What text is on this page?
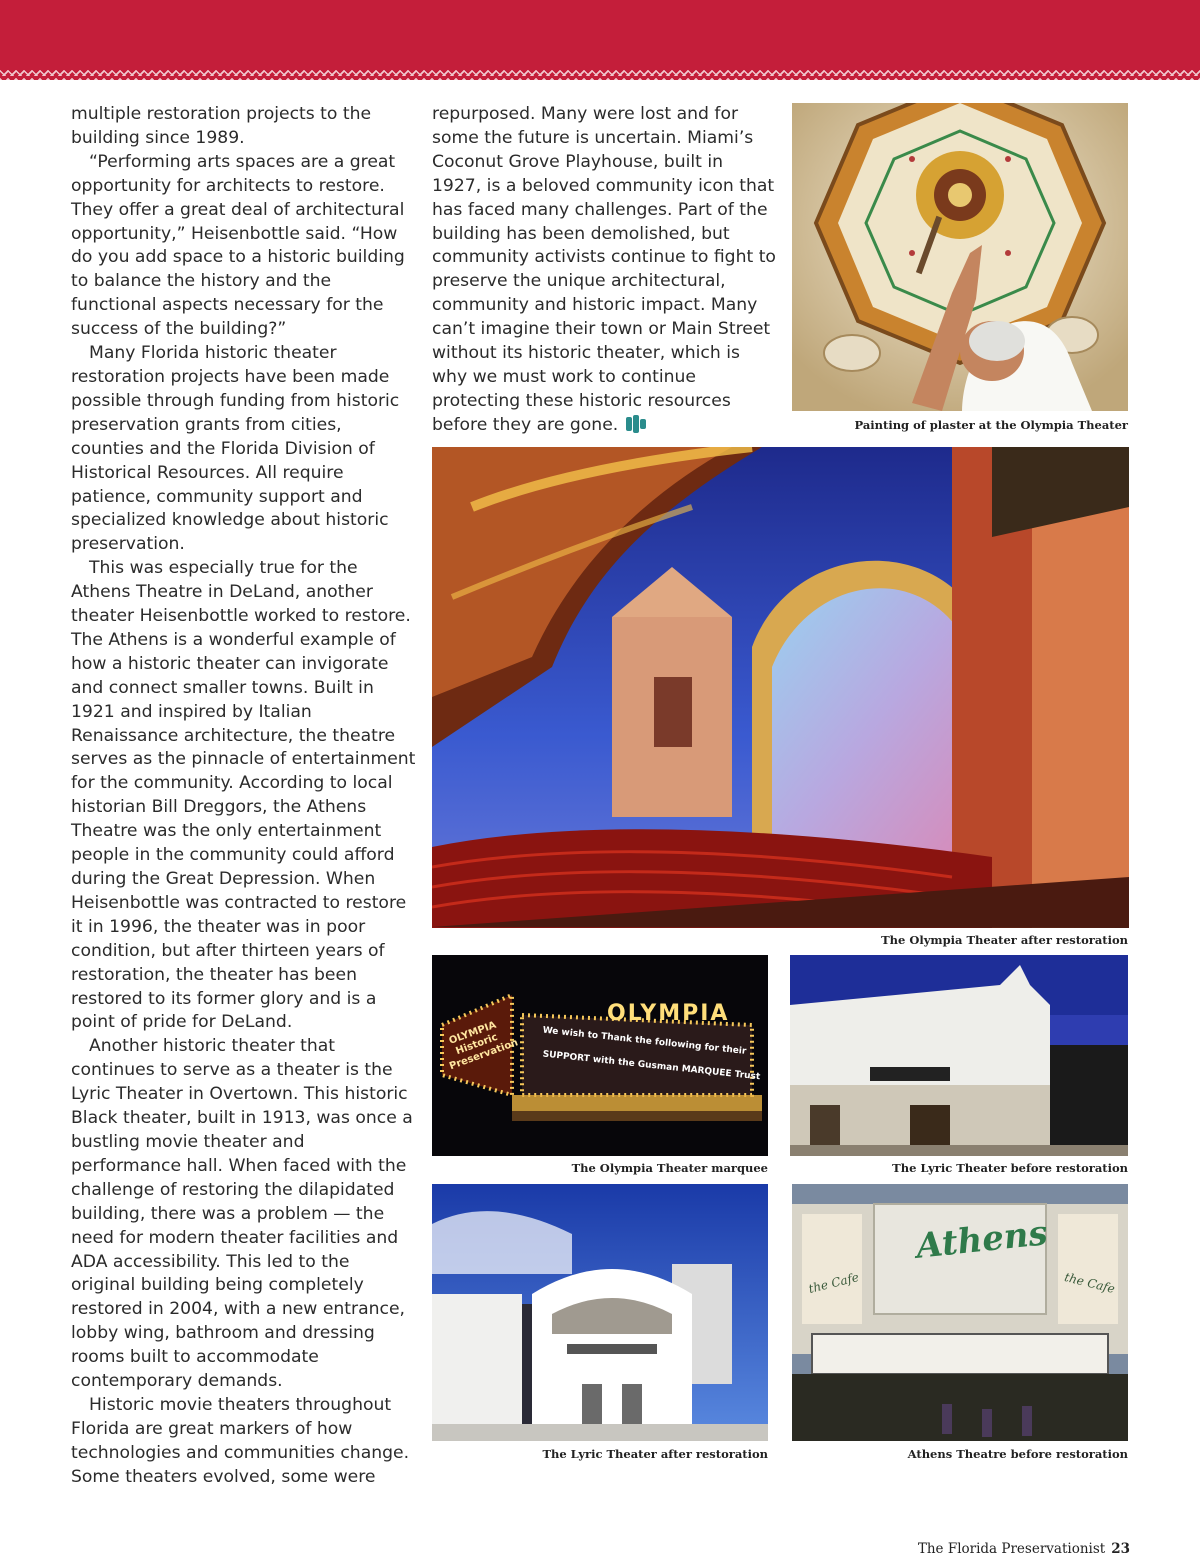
multiple restoration projects to the building since 1989.

“Performing arts spaces are a great opportunity for architects to restore. They offer a great deal of architectural opportunity,” Heisenbottle said. “How do you add space to a historic building to balance the history and the functional aspects necessary for the success of the building?”

Many Florida historic theater restoration projects have been made possible through funding from historic preservation grants from cities, counties and the Florida Division of Historical Resources. All require patience, community support and specialized knowledge about historic preservation.

This was especially true for the Athens Theatre in DeLand, another theater Heisenbottle worked to restore. The Athens is a wonderful example of how a historic theater can invigorate and connect smaller towns. Built in 1921 and inspired by Italian Renaissance architecture, the theatre serves as the pinnacle of entertainment for the community. According to local historian Bill Dreggors, the Athens Theatre was the only entertainment people in the community could afford during the Great Depression. When Heisenbottle was contracted to restore it in 1996, the theater was in poor condition, but after thirteen years of restoration, the theater has been restored to its former glory and is a point of pride for DeLand.

Another historic theater that continues to serve as a theater is the Lyric Theater in Overtown. This historic Black theater, built in 1913, was once a bustling movie theater and performance hall. When faced with the challenge of restoring the dilapidated building, there was a problem — the need for modern theater facilities and ADA accessibility. This led to the original building being completely restored in 2004, with a new entrance, lobby wing, bathroom and dressing rooms built to accommodate contemporary demands.

Historic movie theaters throughout Florida are great markers of how technologies and communities change. Some theaters evolved, some were

repurposed. Many were lost and for some the future is uncertain. Miami’s Coconut Grove Playhouse, built in 1927, is a beloved community icon that has faced many challenges. Part of the building has been demolished, but community activists continue to fight to preserve the unique architectural, community and historic impact. Many can’t imagine their town or Main Street without its historic theater, which is why we must work to continue protecting these historic resources before they are gone.	Painting of plaster at the Olympia Theater
The Olympia Theater after restoration
OLYMPIA Historic Preservation
OLYMPIA
We wish to Thank the following for their
SUPPORT with the Gusman MARQUEE Trust
The Olympia Theater marquee	The Lyric Theater before restoration
The Lyric Theater after restoration
Athens
the Cafe	the Cafe
Athens Theatre before restoration
The Florida Preservationist 23
